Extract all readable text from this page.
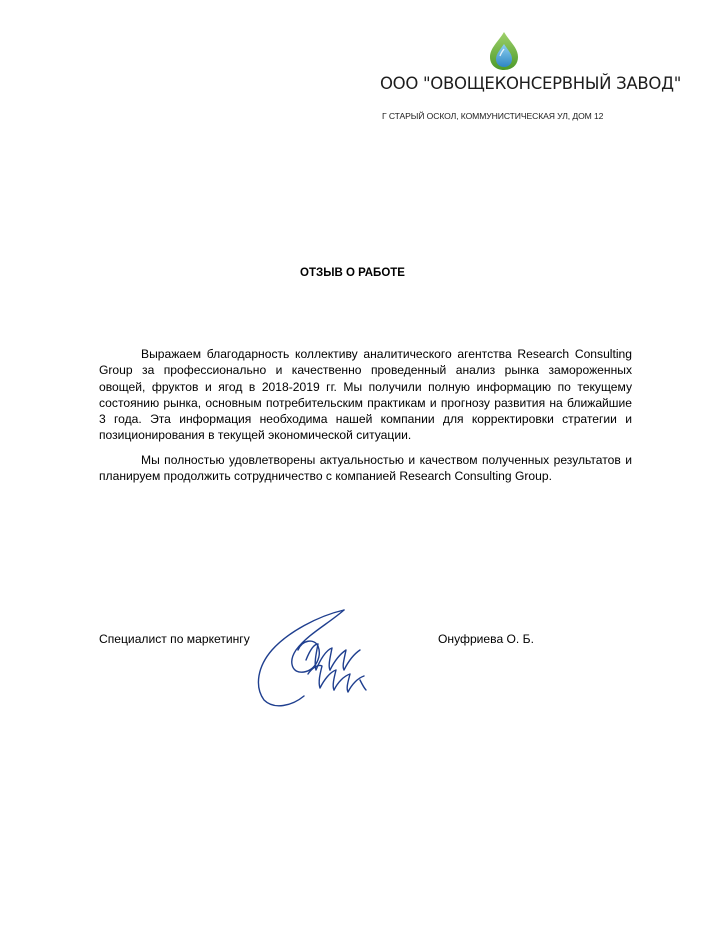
ООО "ОВОЩЕКОНСЕРВНЫЙ ЗАВОД"
Г СТАРЫЙ ОСКОЛ, КОММУНИСТИЧЕСКАЯ УЛ, ДОМ 12
ОТЗЫВ О РАБОТЕ

Выражаем благодарность коллективу аналитического агентства Research Consulting Group за профессионально и качественно проведенный анализ рынка замороженных овощей, фруктов и ягод в 2018-2019 гг. Мы получили полную информацию по текущему состоянию рынка, основным потребительским практикам и прогнозу развития на ближайшие 3 года. Эта информация необходима нашей компании для корректировки стратегии и позиционирования в текущей экономической ситуации.

Мы полностью удовлетворены актуальностью и качеством полученных результатов и планируем продолжить сотрудничество с компанией Research Consulting Group.

Специалист по маркетингу	Онуфриева О. Б.
